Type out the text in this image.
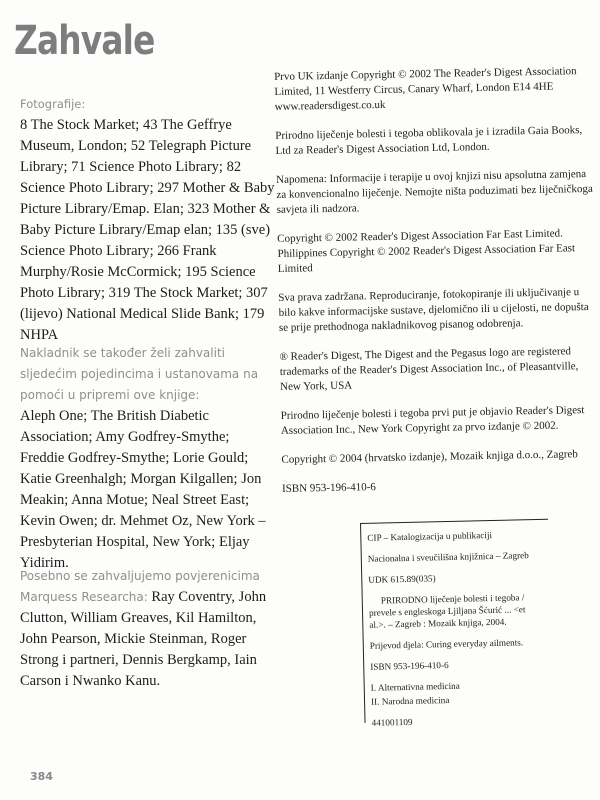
Zahvale

Fotografije:
8 The Stock Market; 43 The Geffrye Museum, London; 52 Telegraph Picture Library; 71 Science Photo Library; 82 Science Photo Library; 297 Mother & Baby Picture Library/Emap. Elan; 323 Mother & Baby Picture Library/Emap elan; 135 (sve) Science Photo Library; 266 Frank Murphy/Rosie McCormick; 195 Science Photo Library; 319 The Stock Market; 307 (lijevo) National Medical Slide Bank; 179 NHPA

Nakladnik se također želi zahvaliti sljedećim pojedincima i ustanovama na pomoći u pripremi ove knjige:
Aleph One; The British Diabetic Association; Amy Godfrey-Smythe; Freddie Godfrey-Smythe; Lorie Gould; Katie Greenhalgh; Morgan Kilgallen; Jon Meakin; Anna Motue; Neal Street East; Kevin Owen; dr. Mehmet Oz, New York – Presbyterian Hospital, New York; Eljay Yidirim.

Posebno se zahvaljujemo povjerenicima Marquess Researcha: Ray Coventry, John Clutton, William Greaves, Kil Hamilton, John Pearson, Mickie Steinman, Roger Strong i partneri, Dennis Bergkamp, Iain Carson i Nwanko Kanu.

Prvo UK izdanje Copyright © 2002 The Reader's Digest Association Limited, 11 Westferry Circus, Canary Wharf, London E14 4HE www.readersdigest.co.uk

Prirodno liječenje bolesti i tegoba oblikovala je i izradila Gaia Books, Ltd za Reader's Digest Association Ltd, London.

Napomena: Informacije i terapije u ovoj knjizi nisu apsolutna zamjena za konvencionalno liječenje. Nemojte ništa poduzimati bez liječničkoga savjeta ili nadzora.

Copyright © 2002 Reader's Digest Association Far East Limited. Philippines Copyright © 2002 Reader's Digest Association Far East Limited

Sva prava zadržana. Reproduciranje, fotokopiranje ili uključivanje u bilo kakve informacijske sustave, djelomično ili u cijelosti, ne dopušta se prije prethodnoga nakladnikovog pisanog odobrenja.

® Reader's Digest, The Digest and the Pegasus logo are registered trademarks of the Reader's Digest Association Inc., of Pleasantville, New York, USA

Prirodno liječenje bolesti i tegoba prvi put je objavio Reader's Digest Association Inc., New York Copyright za prvo izdanje © 2002.

Copyright © 2004 (hrvatsko izdanje), Mozaik knjiga d.o.o., Zagreb

ISBN 953-196-410-6

CIP – Katalogizacija u publikaciji

Nacionalna i sveučilišna knjižnica – Zagreb

UDK 615.89(035)

PRIRODNO liječenje bolesti i tegoba / prevele s engleskoga Ljiljana Šćurić ... <et al.>. – Zagreb : Mozaik knjiga, 2004.

Prijevod djela: Curing everyday ailments.

ISBN 953-196-410-6

I. Alternativna medicina

II. Narodna medicina

441001109

384
